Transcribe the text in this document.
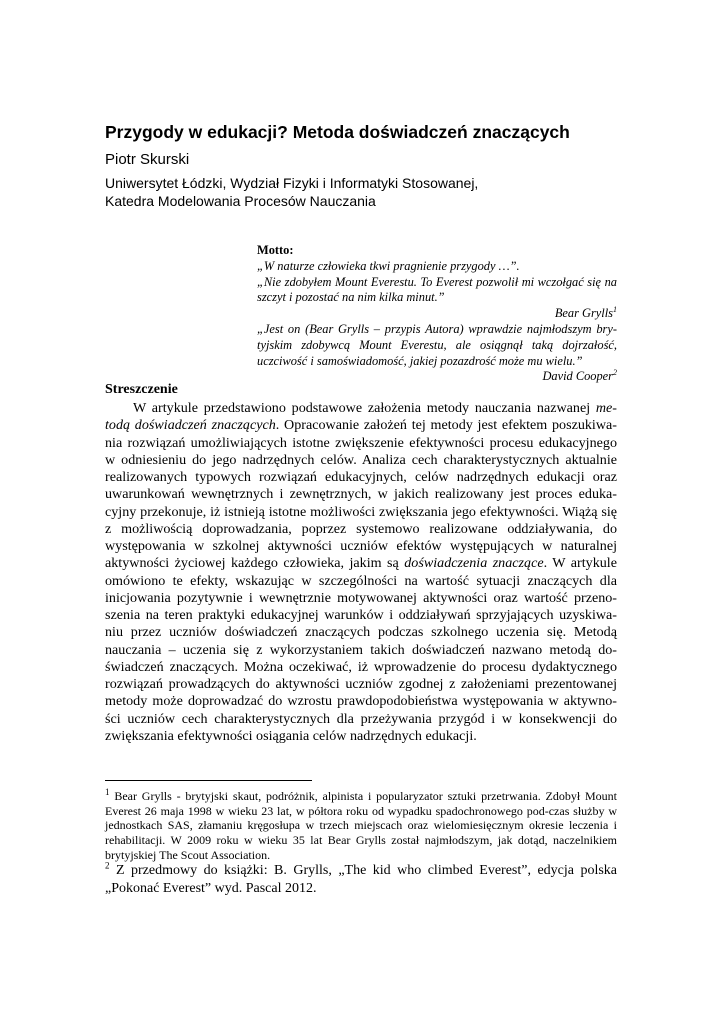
Przygody w edukacji? Metoda doświadczeń znaczących
Piotr Skurski
Uniwersytet Łódzki, Wydział Fizyki i Informatyki Stosowanej,
Katedra Modelowania Procesów Nauczania
Motto:
„W naturze człowieka tkwi pragnienie przygody …”.
„Nie zdobyłem Mount Everestu. To Everest pozwolił mi wczołgać się na szczyt i pozostać na nim kilka minut.”
Bear Grylls$^1$
„Jest on (Bear Grylls – przypis Autora) wprawdzie najmłodszym bry-tyjskim zdobywcą Mount Everestu, ale osiągnął taką dojrzałość, uczciwość i samoświadomość, jakiej pozazdrość może mu wielu.”
David Cooper$^2$
Streszczenie

W artykule przedstawiono podstawowe założenia metody nauczania nazwanej me-todą doświadczeń znaczących. Opracowanie założeń tej metody jest efektem poszukiwa-nia rozwiązań umożliwiających istotne zwiększenie efektywności procesu edukacyjnego w odniesieniu do jego nadrzędnych celów. Analiza cech charakterystycznych aktualnie realizowanych typowych rozwiązań edukacyjnych, celów nadrzędnych edukacji oraz uwarunkowań wewnętrznych i zewnętrznych, w jakich realizowany jest proces eduka-cyjny przekonuje, iż istnieją istotne możliwości zwiększania jego efektywności. Wiążą się z możliwością doprowadzania, poprzez systemowo realizowane oddziaływania, do występowania w szkolnej aktywności uczniów efektów występujących w naturalnej aktywności życiowej każdego człowieka, jakim są doświadczenia znaczące. W artykule omówiono te efekty, wskazując w szczególności na wartość sytuacji znaczących dla inicjowania pozytywnie i wewnętrznie motywowanej aktywności oraz wartość przeno-szenia na teren praktyki edukacyjnej warunków i oddziaływań sprzyjających uzyskiwa-niu przez uczniów doświadczeń znaczących podczas szkolnego uczenia się. Metodą nauczania – uczenia się z wykorzystaniem takich doświadczeń nazwano metodą do-świadczeń znaczących. Można oczekiwać, iż wprowadzenie do procesu dydaktycznego rozwiązań prowadzących do aktywności uczniów zgodnej z założeniami prezentowanej metody może doprowadzać do wzrostu prawdopodobieństwa występowania w aktywno-ści uczniów cech charakterystycznych dla przeżywania przygód i w konsekwencji do zwiększania efektywności osiągania celów nadrzędnych edukacji.

$^1$ Bear Grylls - brytyjski skaut, podróżnik, alpinista i popularyzator sztuki przetrwania. Zdobył Mount Everest 26 maja 1998 w wieku 23 lat, w półtora roku od wypadku spadochronowego pod-czas służby w jednostkach SAS, złamaniu kręgosłupa w trzech miejscach oraz wielomiesięcznym okresie leczenia i rehabilitacji. W 2009 roku w wieku 35 lat Bear Grylls został najmłodszym, jak dotąd, naczelnikiem brytyjskiej The Scout Association.
$^2$ Z przedmowy do książki: B. Grylls, „The kid who climbed Everest”, edycja polska „Pokonać Everest” wyd. Pascal 2012.
